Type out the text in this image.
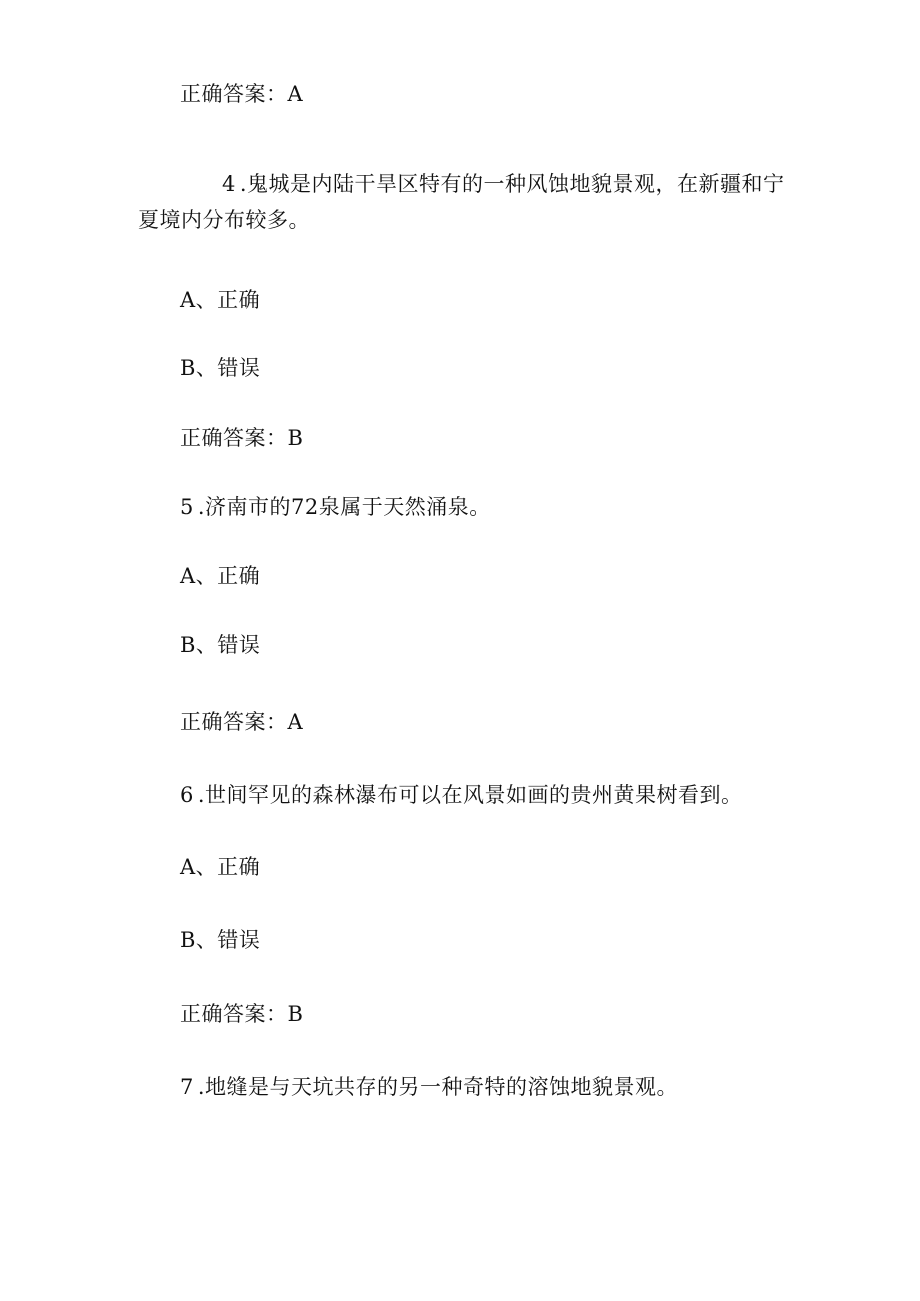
正确答案：A
4 .鬼城是内陆干旱区特有的一种风蚀地貌景观，在新疆和宁夏境内分布较多。
A、正确
B、错误
正确答案：B
5 .济南市的72泉属于天然涌泉。
A、正确
B、错误
正确答案：A
6 .世间罕见的森林瀑布可以在风景如画的贵州黄果树看到。
A、正确
B、错误
正确答案：B
7 .地缝是与天坑共存的另一种奇特的溶蚀地貌景观。
